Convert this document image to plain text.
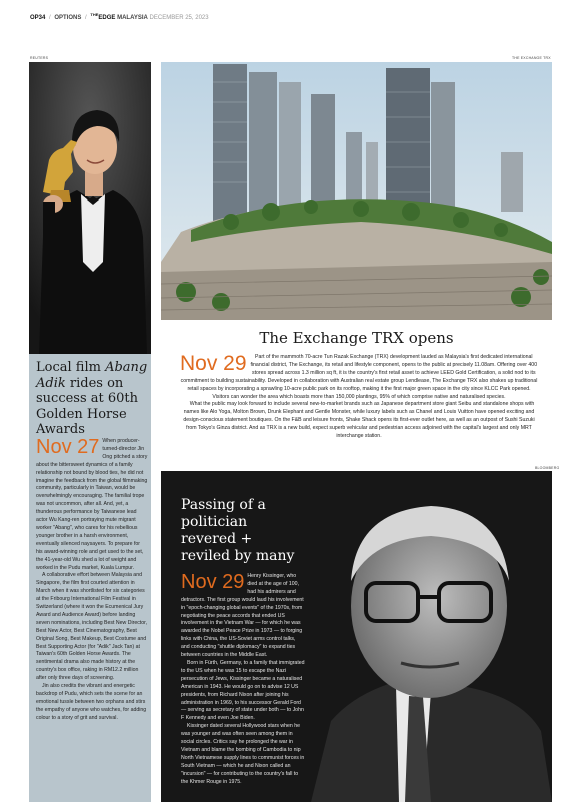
OP34 / OPTIONS / $^{THE}$EDGE MALAYSIA DECEMBER 25, 2023
REUTERS	THE EXCHANGE TRX
Local film Abang Adik rides on success at 60th Golden Horse Awards
Nov 27 When producer-turned-director Jin Ong pitched a story about the bittersweet dynamics of a family relationship not bound by blood ties, he did not imagine the feedback from the global filmmaking community, particularly in Taiwan, would be overwhelmingly encouraging. The familial trope was not uncommon, after all. And, yet, a thunderous performance by Taiwanese lead actor Wu Kang-ren portraying mute migrant worker "Abang", who cares for his rebellious younger brother in a harsh environment, eventually silenced naysayers. To prepare for his award-winning role and get used to the set, the 41-year-old Wu shed a lot of weight and worked in the Pudu market, Kuala Lumpur.

A collaborative effort between Malaysia and Singapore, the film first courted attention in March when it was shortlisted for six categories at the Fribourg International Film Festival in Switzerland (where it won the Ecumenical Jury Award and Audience Award) before landing seven nominations, including Best New Director, Best New Actor, Best Cinematography, Best Original Song, Best Makeup, Best Costume and Best Supporting Actor (for "Adik" Jack Tan) at Taiwan's 60th Golden Horse Awards. The sentimental drama also made history at the country's box office, raking in RM12.2 million after only three days of screening.

Jin also credits the vibrant and energetic backdrop of Pudu, which sets the scene for an emotional tussle between two orphans and stirs the empathy of anyone who watches, for adding colour to a story of grit and survival.

The Exchange TRX opens
Nov 29	Part of the mammoth 70-acre Tun Razak Exchange (TRX) development lauded as Malaysia's first dedicated international financial district, The Exchange, its retail and lifestyle component, opens to the public at precisely 11.08am. Offering over 400 stores spread across 1.3 million sq ft, it is the country's first retail asset to achieve LEED Gold Certification, a solid nod to its commitment to building sustainability. Developed in collaboration with Australian real estate group Lendlease, The Exchange TRX also shakes up traditional retail spaces by incorporating a sprawling 10-acre public park on its rooftop, making it the first major green space in the city since KLCC Park opened. Visitors can wonder the area which boasts more than 150,000 plantings, 95% of which comprise native and naturalised species.

What the public may look forward to include several new-to-market brands such as Japanese department store giant Seibu and standalone shops with names like Alo Yoga, Molton Brown, Drunk Elephant and Gentle Monster, while luxury labels such as Chanel and Louis Vuitton have opened exciting and design-conscious statement boutiques. On the F&B and leisure fronts, Shake Shack opens its first-ever outlet here, as well as an outpost of Sushi Suzuki from Tokyo's Ginza district. And as TRX is a new build, expect superb vehicular and pedestrian access adjoined with the capital's largest and only MRT interchange station.

BLOOMBERG
Passing of a politician revered + reviled by many
Nov 29 Henry Kissinger, who died at the age of 100, had his admirers and detractors. The first group would laud his involvement in "epoch-changing global events" of the 1970s, from negotiating the peace accords that ended US involvement in the Vietnam War — for which he was awarded the Nobel Peace Prize in 1973 — to forging links with China, the US-Soviet arms control talks, and conducting "shuttle diplomacy" to expand ties between countries in the Middle East.

Born in Fürth, Germany, to a family that immigrated to the US when he was 15 to escape the Nazi persecution of Jews, Kissinger became a naturalised American in 1943. He would go on to advise 12 US presidents, from Richard Nixon after joining his administration in 1969, to his successor Gerald Ford — serving as secretary of state under both — to John F Kennedy and even Joe Biden.

Kissinger dated several Hollywood stars when he was younger and was often seen among them in social circles. Critics say he prolonged the war in Vietnam and blame the bombing of Cambodia to nip North Vietnamese supply lines to communist forces in South Vietnam — which he and Nixon called an "incursion" — for contributing to the country's fall to the Khmer Rouge in 1975.
